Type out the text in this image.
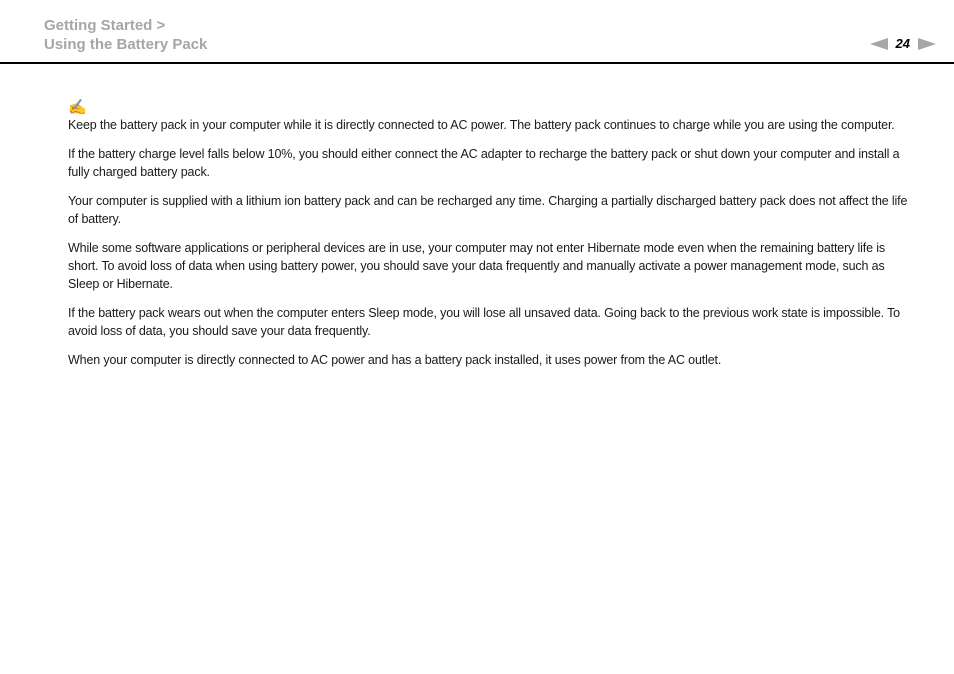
Getting Started >
Using the Battery Pack	24
✍

Keep the battery pack in your computer while it is directly connected to AC power. The battery pack continues to charge while you are using the computer.

If the battery charge level falls below 10%, you should either connect the AC adapter to recharge the battery pack or shut down your computer and install a fully charged battery pack.

Your computer is supplied with a lithium ion battery pack and can be recharged any time. Charging a partially discharged battery pack does not affect the life of battery.

While some software applications or peripheral devices are in use, your computer may not enter Hibernate mode even when the remaining battery life is short. To avoid loss of data when using battery power, you should save your data frequently and manually activate a power management mode, such as Sleep or Hibernate.

If the battery pack wears out when the computer enters Sleep mode, you will lose all unsaved data. Going back to the previous work state is impossible. To avoid loss of data, you should save your data frequently.

When your computer is directly connected to AC power and has a battery pack installed, it uses power from the AC outlet.
